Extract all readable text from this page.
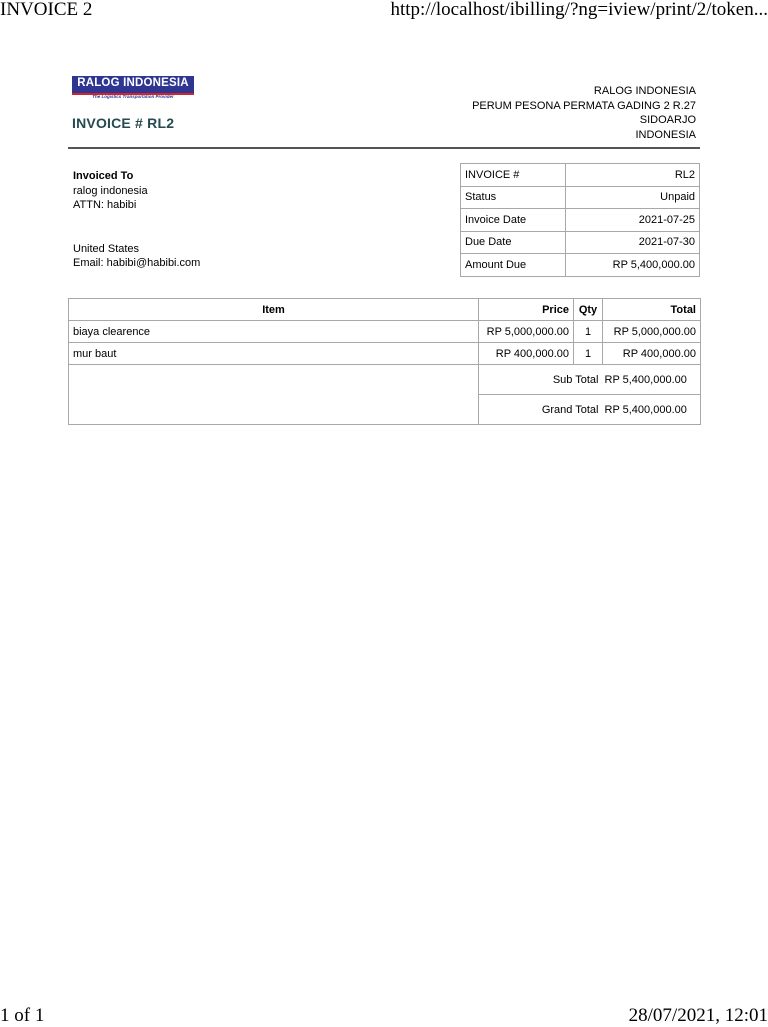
INVOICE 2	http://localhost/ibilling/?ng=iview/print/2/token...
RALOG INDONESIA
The Logistics Transportation Provider
INVOICE # RL2
RALOG INDONESIA
PERUM PESONA PERMATA GADING 2 R.27
SIDOARJO
INDONESIA
Invoiced To
ralog indonesia
ATTN: habibi
United States
Email: habibi@habibi.com
INVOICE #	RL2
Status	Unpaid
Invoice Date	2021-07-25
Due Date	2021-07-30
Amount Due	RP 5,400,000.00
Item	Price	Qty	Total
biaya clearence	RP 5,000,000.00	1	RP 5,000,000.00
mur baut	RP 400,000.00	1	RP 400,000.00
	Sub Total		RP 5,400,000.00
	Grand Total		RP 5,400,000.00
1 of 1	28/07/2021, 12:01
